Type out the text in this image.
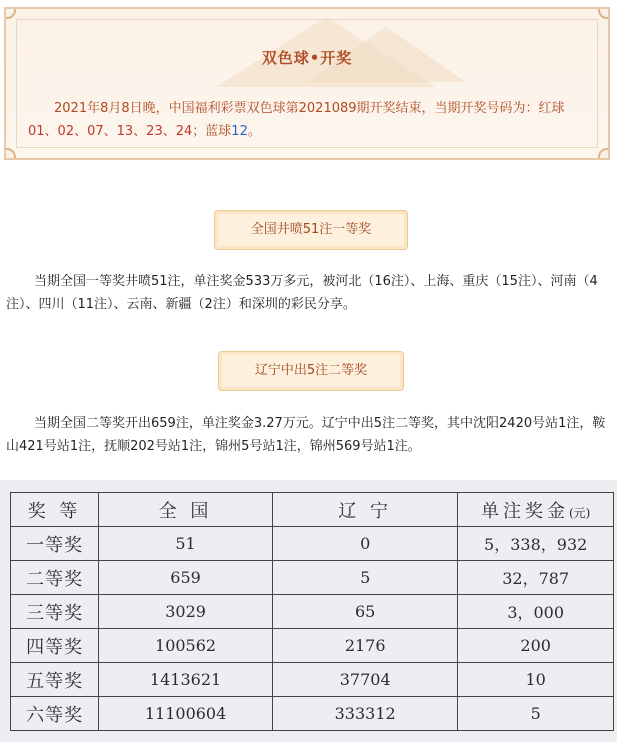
双色球•开奖
2021年8月8日晚，中国福利彩票双色球第2021089期开奖结束，当期开奖号码为：红球01、02、07、13、23、24；蓝球12。
全国井喷51注一等奖
当期全国一等奖井喷51注，单注奖金533万多元，被河北（16注）、上海、重庆（15注）、河南（4注）、四川（11注）、云南、新疆（2注）和深圳的彩民分享。
辽宁中出5注二等奖
当期全国二等奖开出659注，单注奖金3.27万元。辽宁中出5注二等奖，其中沈阳2420号站1注，鞍山421号站1注，抚顺202号站1注，锦州5号站1注，锦州569号站1注。
奖 等	全 国	辽 宁	单注奖金(元)
一等奖	51	0	5，338，932
二等奖	659	5	32，787
三等奖	3029	65	3，000
四等奖	100562	2176	200
五等奖	1413621	37704	10
六等奖	11100604	333312	5
